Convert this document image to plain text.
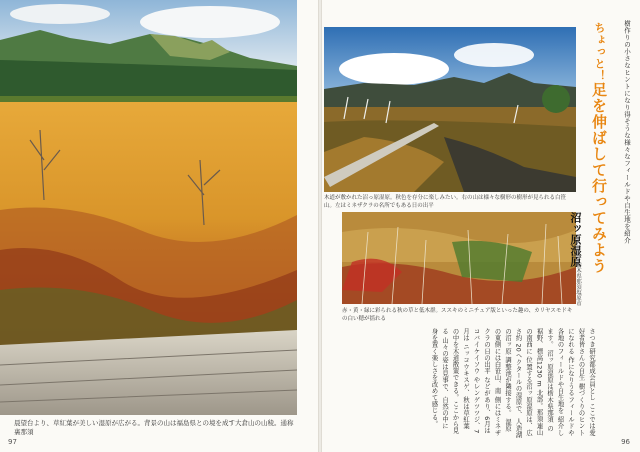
晨望台より、草紅葉が美しい湿原が広がる。背景の山は福島県との境を成す大倉山の山稜。通称裏那須
97
木道が敷かれた沼っ原湿原。秋色を存分に楽しみたい。右の山は様々な樹形の樹形が見られる白笹山。左はミネザクラの名所でもある日の出平
赤・黄・緑に彩られる秋の草と低木群。ススキのミニチュア版といった趣の、カリヤスモドキの白い穂が揺れる
樹作りの小さなヒントになり得そうな様々なフィールドや自生地を紹介
ちょっと！足を伸ばして行ってみよう
沼ッ原湿原
栃木県那須塩原市
さつき研究都成会員とし ここでは愛好者皆さんの自生 樹づくりのヒントになれる 作になりうるフィールドや 各地のフィールドや自生地を 紹介します。 沼ッ原湿原は栃木県那須 の裾野、標高1230 m 北部。那須連山の南西に 位置する沼ッ原湿原は、広さ約 20ヘクタールの湿原で、人造湖の沼ッ原 調整池が隣接する。 湿原の東側には白笹山、南 側にはミネザクラの日の出平 などがあり、6月はコバイケイソウ やレンゲツツジ、7月は ニッコウキスゲ、秋は草紅葉 の中を木道散策できる。ここから見る 山々の姿は見事で、自然の中に 身を置く楽しさを改めて感じる。
96
